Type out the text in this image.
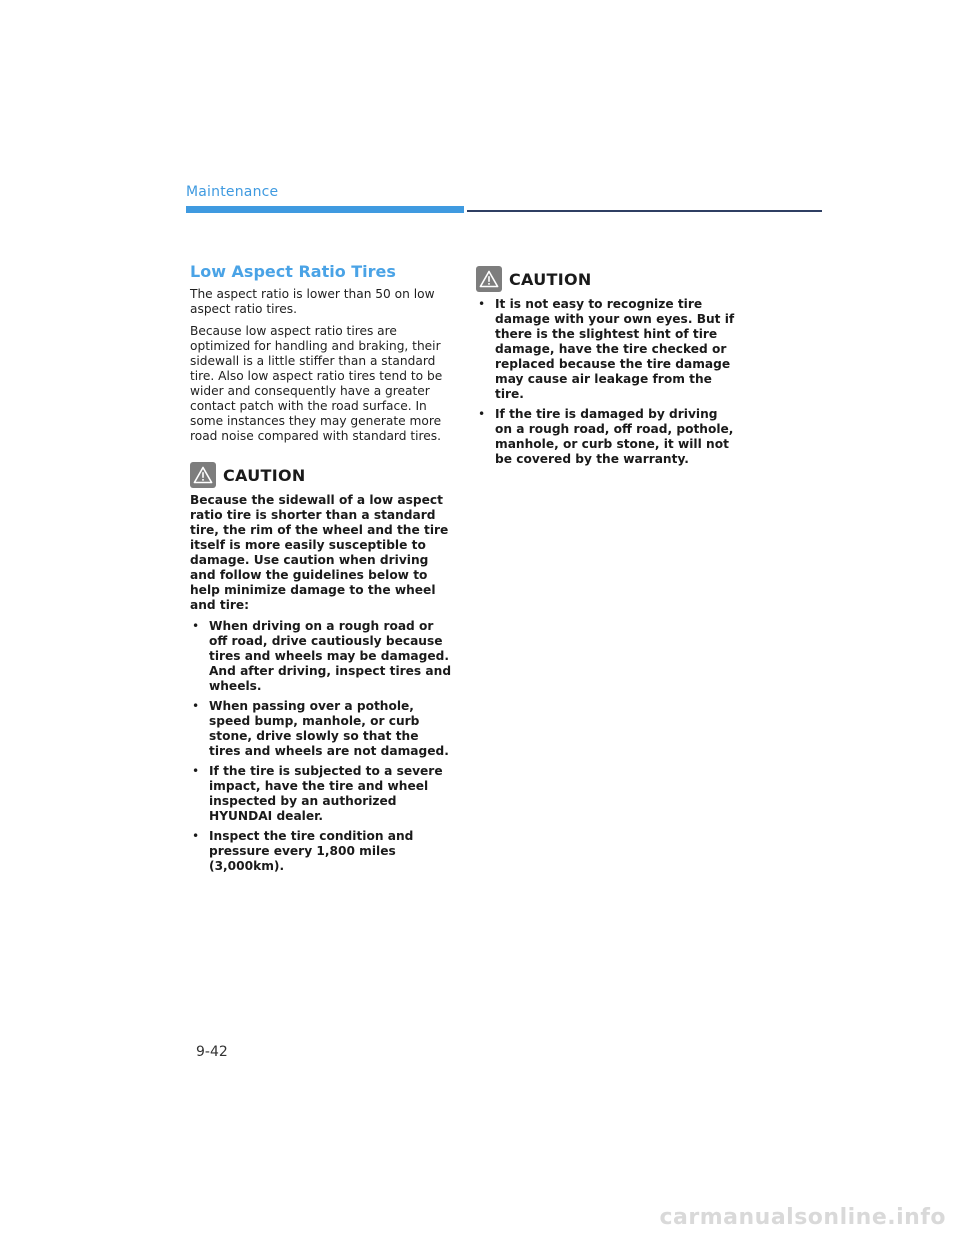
Maintenance
Low Aspect Ratio Tires

The aspect ratio is lower than 50 on low aspect ratio tires.

Because low aspect ratio tires are optimized for handling and braking, their sidewall is a little stiffer than a standard tire. Also low aspect ratio tires tend to be wider and consequently have a greater contact patch with the road surface. In some instances they may generate more road noise compared with standard tires.

CAUTION

Because the sidewall of a low aspect ratio tire is shorter than a standard tire, the rim of the wheel and the tire itself is more easily susceptible to damage. Use caution when driving and follow the guidelines below to help minimize damage to the wheel and tire:

• When driving on a rough road or off road, drive cautiously because tires and wheels may be damaged. And after driving, inspect tires and wheels.
• When passing over a pothole, speed bump, manhole, or curb stone, drive slowly so that the tires and wheels are not damaged.
• If the tire is subjected to a severe impact, have the tire and wheel inspected by an authorized HYUNDAI dealer.
• Inspect the tire condition and pressure every 1,800 miles (3,000km).
CAUTION
• It is not easy to recognize tire damage with your own eyes. But if there is the slightest hint of tire damage, have the tire checked or replaced because the tire damage may cause air leakage from the tire.
• If the tire is damaged by driving on a rough road, off road, pothole, manhole, or curb stone, it will not be covered by the warranty.
9-42
carmanualsonline.info
